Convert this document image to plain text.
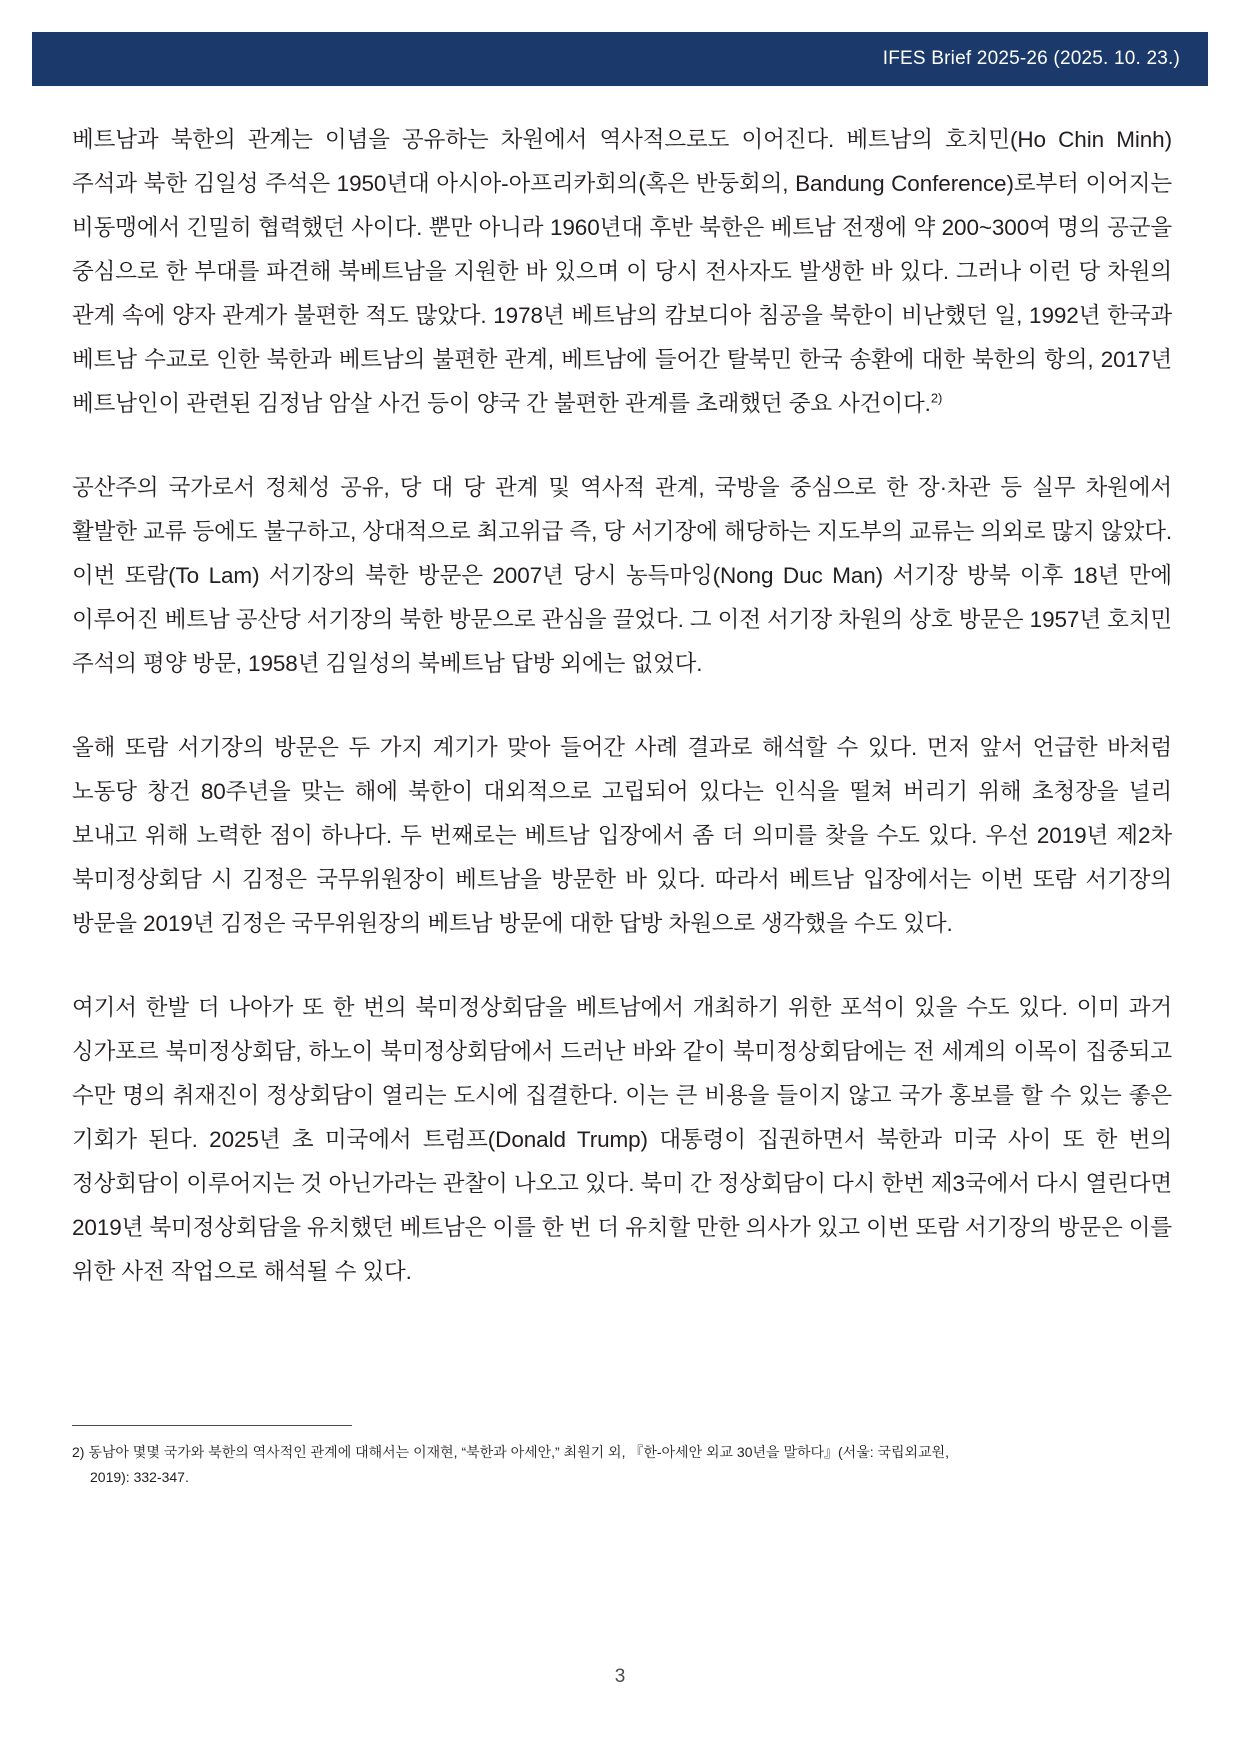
IFES Brief 2025-26 (2025. 10. 23.)

베트남과 북한의 관계는 이념을 공유하는 차원에서 역사적으로도 이어진다. 베트남의 호치민(Ho Chin Minh) 주석과 북한 김일성 주석은 1950년대 아시아-아프리카회의(혹은 반둥회의, Bandung Conference)로부터 이어지는 비동맹에서 긴밀히 협력했던 사이다. 뿐만 아니라 1960년대 후반 북한은 베트남 전쟁에 약 200~300여 명의 공군을 중심으로 한 부대를 파견해 북베트남을 지원한 바 있으며 이 당시 전사자도 발생한 바 있다. 그러나 이런 당 차원의 관계 속에 양자 관계가 불편한 적도 많았다. 1978년 베트남의 캄보디아 침공을 북한이 비난했던 일, 1992년 한국과 베트남 수교로 인한 북한과 베트남의 불편한 관계, 베트남에 들어간 탈북민 한국 송환에 대한 북한의 항의, 2017년 베트남인이 관련된 김정남 암살 사건 등이 양국 간 불편한 관계를 초래했던 중요 사건이다.$^{2)}$

공산주의 국가로서 정체성 공유, 당 대 당 관계 및 역사적 관계, 국방을 중심으로 한 장·차관 등 실무 차원에서 활발한 교류 등에도 불구하고, 상대적으로 최고위급 즉, 당 서기장에 해당하는 지도부의 교류는 의외로 많지 않았다. 이번 또람(To Lam) 서기장의 북한 방문은 2007년 당시 농득마잉(Nong Duc Man) 서기장 방북 이후 18년 만에 이루어진 베트남 공산당 서기장의 북한 방문으로 관심을 끌었다. 그 이전 서기장 차원의 상호 방문은 1957년 호치민 주석의 평양 방문, 1958년 김일성의 북베트남 답방 외에는 없었다.

올해 또람 서기장의 방문은 두 가지 계기가 맞아 들어간 사례 결과로 해석할 수 있다. 먼저 앞서 언급한 바처럼 노동당 창건 80주년을 맞는 해에 북한이 대외적으로 고립되어 있다는 인식을 떨쳐 버리기 위해 초청장을 널리 보내고 위해 노력한 점이 하나다. 두 번째로는 베트남 입장에서 좀 더 의미를 찾을 수도 있다. 우선 2019년 제2차 북미정상회담 시 김정은 국무위원장이 베트남을 방문한 바 있다. 따라서 베트남 입장에서는 이번 또람 서기장의 방문을 2019년 김정은 국무위원장의 베트남 방문에 대한 답방 차원으로 생각했을 수도 있다.

여기서 한발 더 나아가 또 한 번의 북미정상회담을 베트남에서 개최하기 위한 포석이 있을 수도 있다. 이미 과거 싱가포르 북미정상회담, 하노이 북미정상회담에서 드러난 바와 같이 북미정상회담에는 전 세계의 이목이 집중되고 수만 명의 취재진이 정상회담이 열리는 도시에 집결한다. 이는 큰 비용을 들이지 않고 국가 홍보를 할 수 있는 좋은 기회가 된다. 2025년 초 미국에서 트럼프(Donald Trump) 대통령이 집권하면서 북한과 미국 사이 또 한 번의 정상회담이 이루어지는 것 아닌가라는 관찰이 나오고 있다. 북미 간 정상회담이 다시 한번 제3국에서 다시 열린다면 2019년 북미정상회담을 유치했던 베트남은 이를 한 번 더 유치할 만한 의사가 있고 이번 또람 서기장의 방문은 이를 위한 사전 작업으로 해석될 수 있다.

2) 동남아 몇몇 국가와 북한의 역사적인 관계에 대해서는 이재현, “북한과 아세안,” 최원기 외, 『한-아세안 외교 30년을 말하다』(서울: 국립외교원,
2019): 332-347.
3
